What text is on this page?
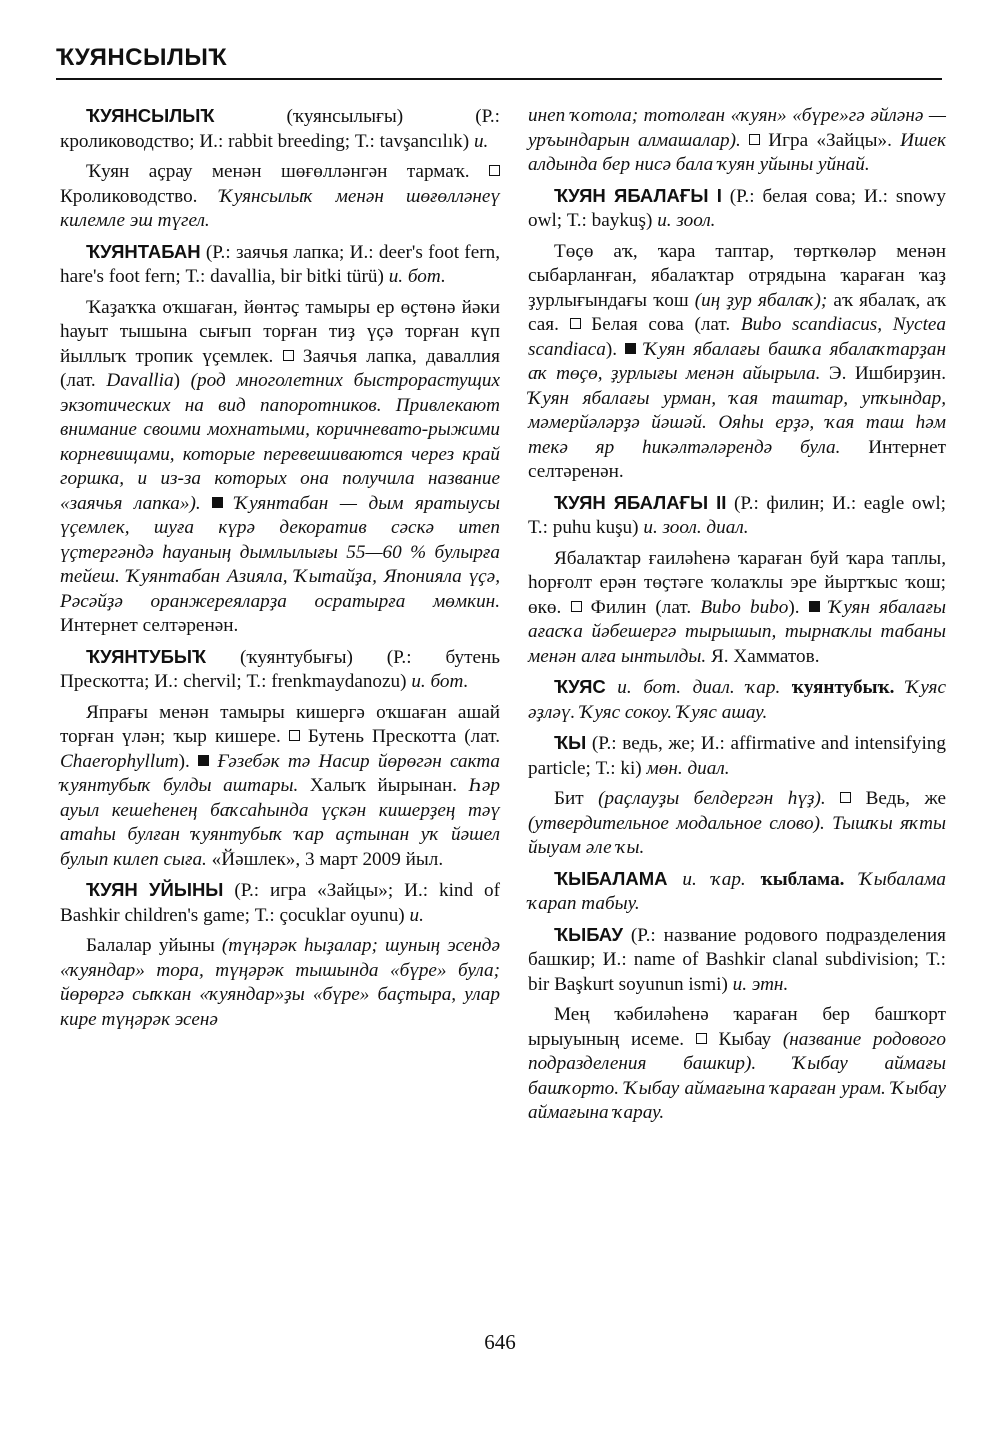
ҠУЯНСЫЛЫҠ

ҠУЯНСЫЛЫҠ (ҡуянсылығы) (Р.: кролиководство; И.: rabbit breeding; Т.: tavşancılık) и.

Ҡуян аҫрау менән шөғөлләнгән тармаҡ.  Кролиководство. Ҡуянсылыҡ менән шөғөлләнеү килемле эш түгел.

ҠУЯНТАБАН (Р.: заячья лапка; И.: deer's foot fern, hare's foot fern; Т.: davallia, bir bitki türü) и. бот.

Ҡаҙаҡҡа оҡшаған, йөнтәҫ тамыры ер өҫтөнә йәки һауыт тышына сығып торған тиҙ үҫә торған күп йыллыҡ тропик үҫемлек.  Заячья лапка, даваллия (лат. Davallia) (род многолетних быстрорастущих экзотических на вид папоротников. Привлекают внимание своими мохнатыми, коричневато-рыжими корневищами, которые перевешиваются через край горшка, и из-за которых она получила название «заячья лапка»).  Ҡуянтабан — дым яратыусы үҫемлек, шуға күрә декоратив сәскә итеп үҫтергәндә һауаның дымлылығы 55—60 % булырға тейеш. Ҡуянтабан Азияла, Ҡытайҙа, Японияла үҫә, Рәсәйҙә оранжереяларҙа осратырға мөмкин. Интернет селтәренән.

ҠУЯНТУБЫҠ (ҡуянтубығы) (Р.: бутень Прескотта; И.: chervil; Т.: frenkmaydanozu) и. бот.

Япрағы менән тамыры кишергә оҡшаған ашай торған үлән; ҡыр кишере.  Бутень Прескотта (лат. Chaerophyllum).  Ғәзебәк тә Насир йөрөгән сакта ҡуянтубыҡ булды аштары. Халыҡ йырынан. Һәр ауыл кешеһенең баҡсаһында үҫкән кишерҙең тәү атаһы булған ҡуянтубыҡ ҡар аҫтынан уҡ йәшел булып килеп сыға. «Йәшлек», 3 март 2009 йыл.

ҠУЯН УЙЫНЫ (Р.: игра «Зайцы»; И.: kind of Bashkir children's game; Т.: çocuklar oyunu) и.

Балалар уйыны (түңәрәк һыҙалар; шуның эсендә «ҡуяндар» тора, түңәрәк тышында «бүре» була; йөрөргә сыҡкан «ҡуяндар»ҙы «бүре» баҫтыра, улар кире түңәрәк эсенә

инеп ҡотола; тотолған «ҡуян» «бүре»гә әйләнә — уръындарын алмашалар).  Игра «Зайцы». Ишек алдында бер нисә бала ҡуян уйыны уйнай.

ҠУЯН ЯБАЛАҒЫ I (Р.: белая сова; И.: snowy owl; Т.: baykuş) и. зоол.

Төҫө аҡ, ҡара таптар, төрткөләр менән сыбарланған, ябалаҡтар отрядына ҡараған ҡаҙ ҙурлығындағы ҡош (иң ҙур ябалаҡ); аҡ ябалаҡ, аҡ сая.  Белая сова (лат. Bubo scandiacus, Nyctea scandiaca).  Ҡуян ябалағы башҡа ябалаҡтарҙан аҡ төҫө, ҙурлығы менән айырыла. Э. Ишбирҙин. Ҡуян ябалағы урман, ҡая таштар, упҡындар, мәмерйәләрҙә йәшәй. Ояһы ерҙә, ҡая таш һәм текә яр һикәлтәләрендә була. Интернет селтәренән.

ҠУЯН ЯБАЛАҒЫ II (Р.: филин; И.: eagle owl; Т.: puhu kuşu) и. зоол. диал.

Ябалаҡтар ғаиләһенә ҡараған буй ҡара таплы, һорғолт ерән төҫтәге ҡолаҡлы эре йыртҡыс ҡош; өкө.  Филин (лат. Bubo bubo).  Ҡуян ябалағы ағасҡа йәбешергә тырышып, тырнаҡлы табаны менән алға ынтылды. Я. Хамматов.

ҠУЯС и. бот. диал. ҡар. ҡуянтубыҡ. Ҡуяс әҙләү. Ҡуяс сокоу. Ҡуяс ашау.

ҠЫ (Р.: ведь, же; И.: affirmative and intensifying particle; Т.: ki) мөн. диал.

Бит (раҫлауҙы белдергән һүҙ).  Ведь, же (утвердительное модальное слово). Тышҡы яҡты йыуам әле ҡы.

ҠЫБАЛАМА и. ҡар. ҡыблама. Ҡыбалама ҡарап табыу.

ҠЫБАУ (Р.: название родового подразделения башкир; И.: name of Bashkir clanal subdivision; Т.: bir Başkurt soyunun ismi) и. этн.

Мең ҡәбиләһенә ҡараған бер башҡорт ырыуының исеме.  Кыбау (название родового подразделения башкир). Ҡыбау аймағы башҡорто. Ҡыбау аймағына ҡараған урам. Ҡыбау аймағына ҡарау.

646
